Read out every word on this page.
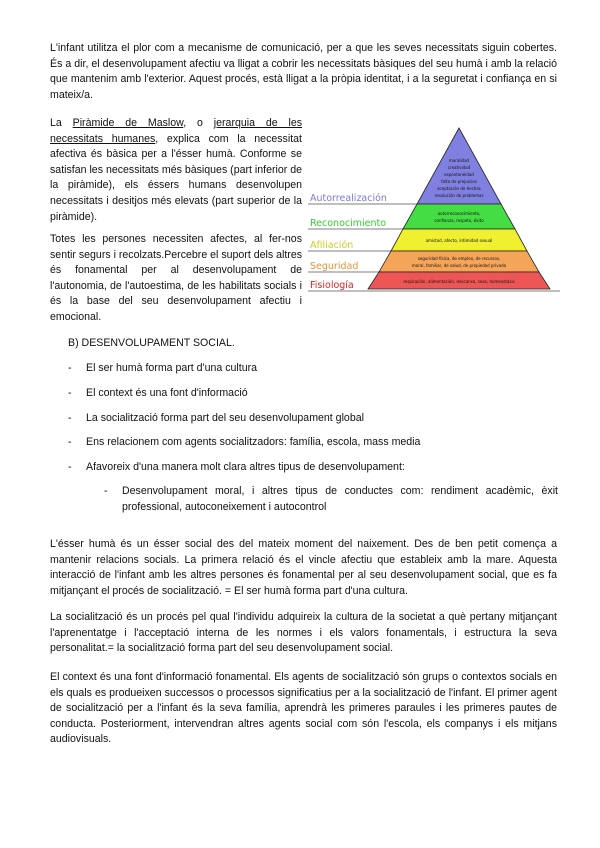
L'infant utilitza el plor com a mecanisme de comunicació, per a que les seves necessitats siguin cobertes. És a dir, el desenvolupament afectiu va lligat a cobrir les necessitats bàsiques del seu humà i amb la relació que mantenim amb l'exterior. Aquest procés, està lligat a la pròpia identitat, i a la seguretat i confiança en si mateix/a.

La Piràmide de Maslow, o jerarquia de les necessitats humanes, explica com la necessitat afectiva és bàsica per a l'ésser humà. Conforme se satisfan les necessitats més bàsiques (part inferior de la piràmide), els éssers humans desenvolupen necessitats i desitjos més elevats (part superior de la piràmide).

Totes les persones necessiten afectes, al fer-nos sentir segurs i recolzats.Percebre el suport dels altres és fonamental per al desenvolupament de l'autonomia, de l'autoestima, de les habilitats socials i és la base del seu desenvolupament afectiu i emocional.

Autorrealización
Reconocimiento
Afiliación
Seguridad
Fisiología
moralidad
creatividad
espontaneidad
falta de prejuicios
aceptación de hechos
resolución de problemas
autorreconocimiento,
confianza, respeto, éxito
amistad, afecto, intimidad sexual
seguridad física, de empleo, de recursos,
moral, familiar, de salud, de propiedad privada
respiración, alimentación, descanso, sexo, homeostasis
B) DESENVOLUPAMENT SOCIAL.
- El ser humà forma part d'una cultura
- El context és una font d'informació
- La socialització forma part del seu desenvolupament global
- Ens relacionem com agents socialitzadors: família, escola, mass media
- Afavoreix d'una manera molt clara altres tipus de desenvolupament:
- Desenvolupament moral, i altres tipus de conductes com: rendiment acadèmic, èxit professional, autoconeixement i autocontrol

L'ésser humà és un ésser social des del mateix moment del naixement. Des de ben petit comença a mantenir relacions socials. La primera relació és el vincle afectiu que estableix amb la mare. Aquesta interacció de l'infant amb les altres persones és fonamental per al seu desenvolupament social, que es fa mitjançant el procés de socialització. = El ser humà forma part d'una cultura.

La socialització és un procés pel qual l'individu adquireix la cultura de la societat a què pertany mitjançant l'aprenentatge i l'acceptació interna de les normes i els valors fonamentals, i estructura la seva personalitat.= la socialització forma part del seu desenvolupament social.

El context és una font d'informació fonamental. Els agents de socialització són grups o contextos socials en els quals es produeixen successos o processos significatius per a la socialització de l'infant. El primer agent de socialització per a l'infant és la seva família, aprendrà les primeres paraules i les primeres pautes de conducta. Posteriorment, intervendran altres agents social com són l'escola, els companys i els mitjans audiovisuals.
